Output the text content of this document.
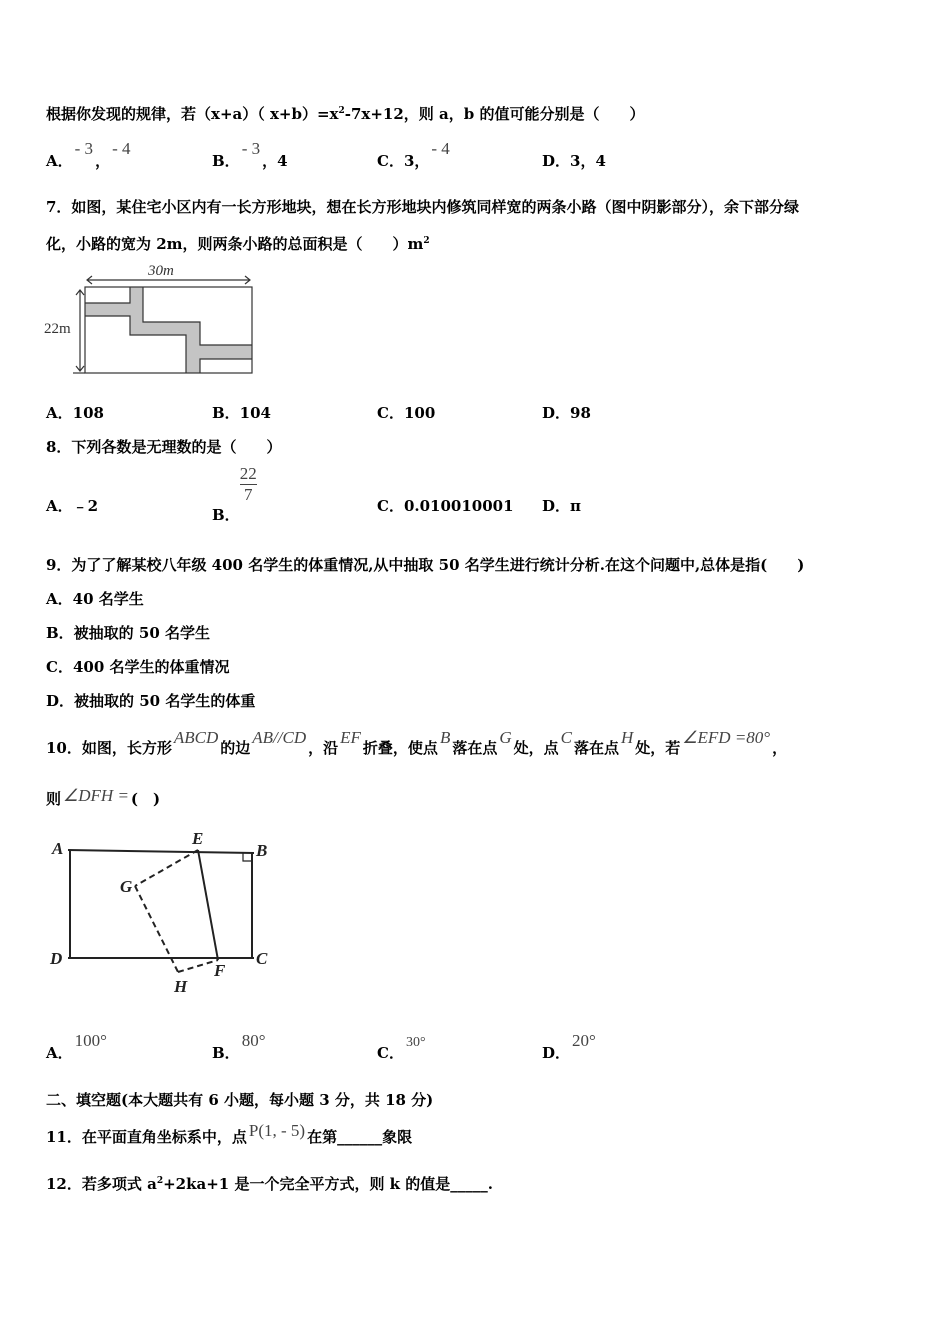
根据你发现的规律，若（x+a）（ $x+b)=x^2-7x+12$，则 a，b 的值可能分别是（　　）
A．- 3，- 4
B．- 3，4	C．3，- 4
D．3，4
7．如图，某住宅小区内有一长方形地块，想在长方形地块内修筑同样宽的两条小路（图中阴影部分），余下部分绿
化，小路的宽为 2m，则两条小路的总面积是（　　）$m^2$
30m
22m
A．108	B．104	C．100	D．98
8．下列各数是无理数的是（　　）
A．﹣2	B．
$\frac{22}{7}$
C．0.010010001 D．π
9．为了了解某校八年级 400 名学生的体重情况,从中抽取 50 名学生进行统计分析.在这个问题中,总体是指(　　)
A．40 名学生
B．被抽取的 50 名学生
C．400 名学生的体重情况
D．被抽取的 50 名学生的体重
10．如图，长方形ABCD的边AB//CD，沿EF折叠，使点B落在点G处，点C落在点H处，若∠EFD =80°，
则 ∠DFH = (　)
A
E
B
G
D
F
C
H
A．100°
B．80°
C．30°
D．20°
二、填空题(本大题共有 6 小题，每小题 3 分，共 18 分)
11．在平面直角坐标系中，点 P(1, - 5) 在第______象限
12．若多项式 $a^2+2ka+1$ 是一个完全平方式，则 k 的值是_____.
